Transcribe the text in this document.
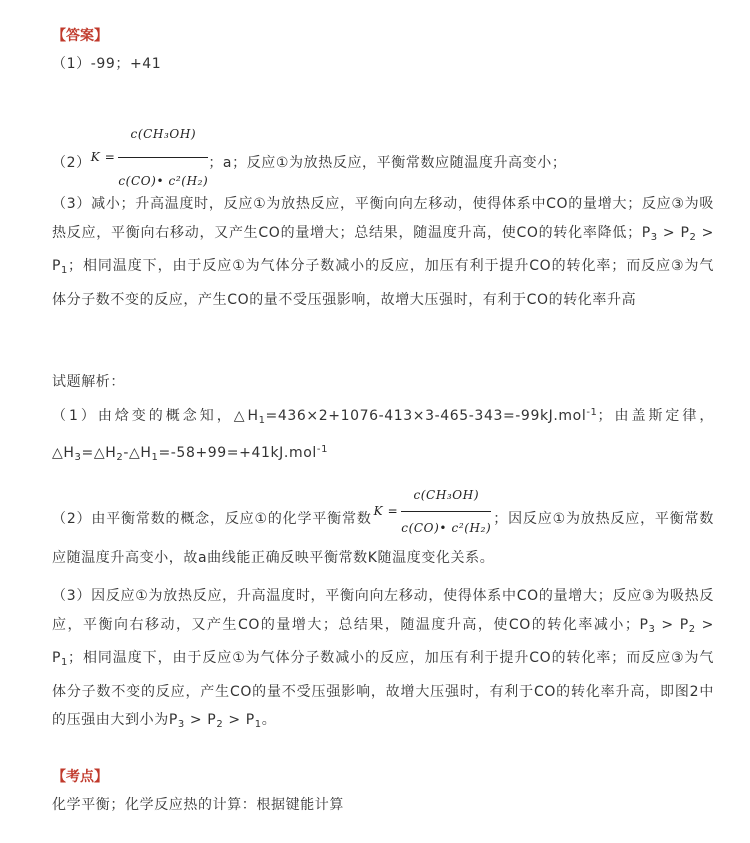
【答案】
（1）-99；+41
$(2)K = \frac{\text{c(CH₃OH)}}{\text{c(CO)• c²(H₂)}}$ ；a；反应①为放热反应，平衡常数应随温度升高变小；
（3）减小；升高温度时，反应①为放热反应，平衡向向左移动，使得体系中CO的量增大；反应③为吸热反应，平衡向右移动，又产生CO的量增大；总结果，随温度升高，使CO的转化率降低；$P_3 > P_2 > P_1$；相同温度下，由于反应①为气体分子数减小的反应，加压有利于提升CO的转化率；而反应③为气体分子数不变的反应，产生CO的量不受压强影响，故增大压强时，有利于CO的转化率升高
试题解析：
（1）由焓变的概念知，$\triangle H_1=436\times 2+1076-413\times 3-465-343=-99kJ.mol^{-1}$；由盖斯定律，$\triangle H_3=\triangle H_2-\triangle H_1=-58+99=+41kJ.mol^{-1}$
（2）由平衡常数的概念，反应①的化学平衡常数 $K = \frac{\text{c(CH₃OH)}}{\text{c(CO)• c²(H₂)}}$ ；因反应①为放热反应，平衡常数应随温度升高变小，故a曲线能正确反映平衡常数K随温度变化关系。
（3）因反应①为放热反应，升高温度时，平衡向向左移动，使得体系中CO的量增大；反应③为吸热反应，平衡向右移动，又产生CO的量增大；总结果，随温度升高，使CO的转化率减小；$P_3 > P_2 > P_1$；相同温度下，由于反应①为气体分子数减小的反应，加压有利于提升CO的转化率；而反应③为气体分子数不变的反应，产生CO的量不受压强影响，故增大压强时，有利于CO的转化率升高，即图2中的压强由大到小为$P_3 > P_2 > P_1$。
【考点】
化学平衡；化学反应热的计算：根据键能计算
